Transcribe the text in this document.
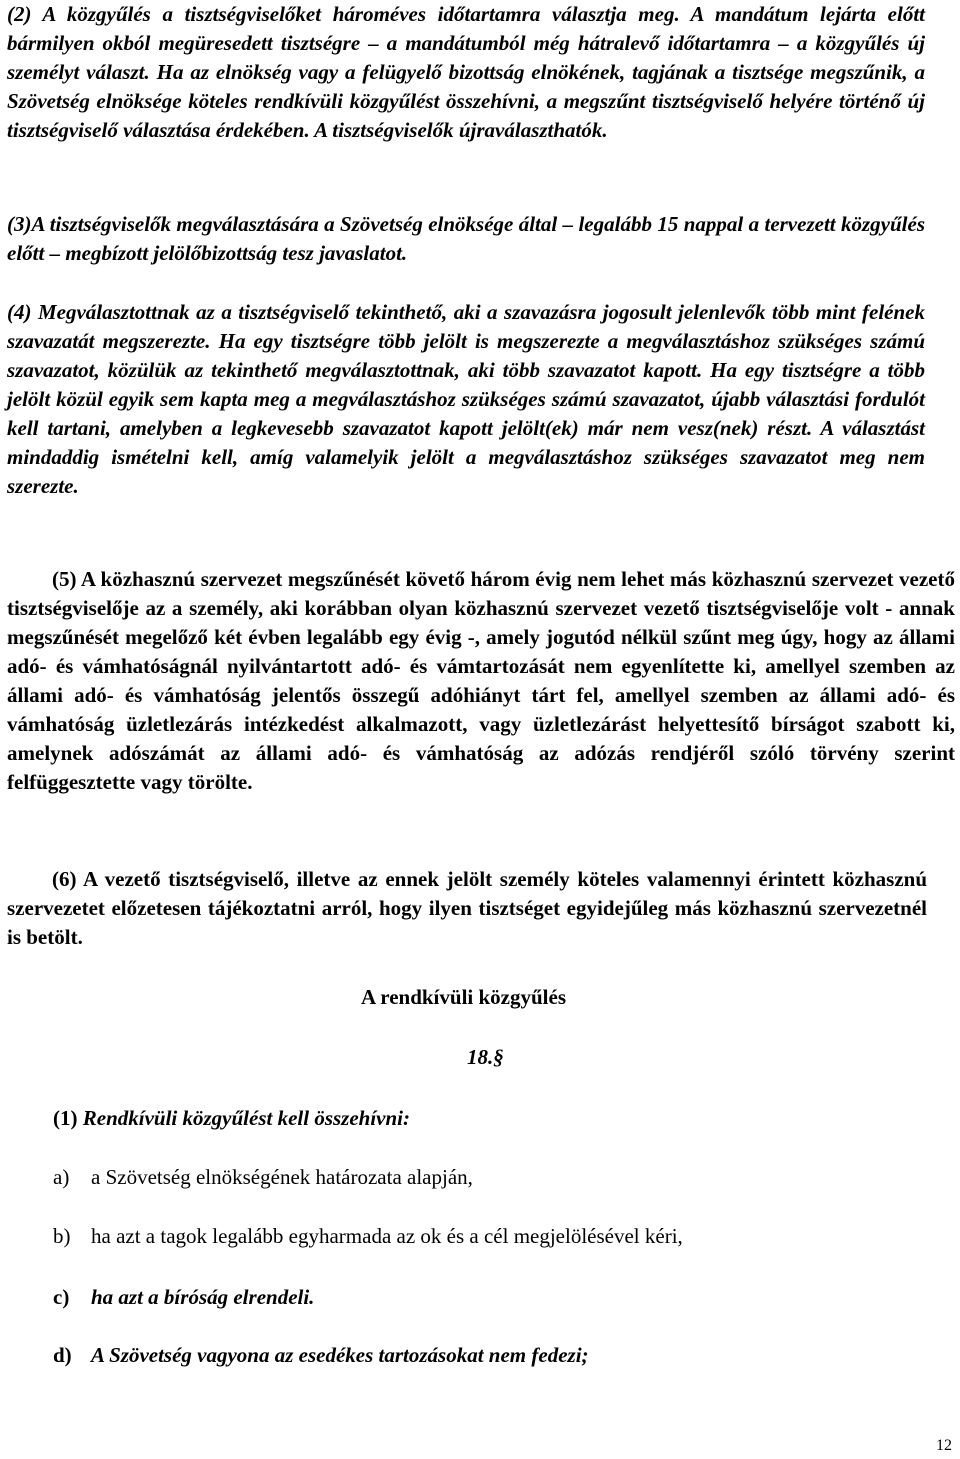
(2) A közgyűlés a tisztségviselőket hároméves időtartamra választja meg. A mandátum lejárta előtt bármilyen okból megüresedett tisztségre – a mandátumból még hátralevő időtartamra – a közgyűlés új személyt választ. Ha az elnökség vagy a felügyelő bizottság elnökének, tagjának a tisztsége megszűnik, a Szövetség elnöksége köteles rendkívüli közgyűlést összehívni, a megszűnt tisztségviselő helyére történő új tisztségviselő választása érdekében. A tisztségviselők újraválaszthatók.

(3)A tisztségviselők megválasztására a Szövetség elnöksége által – legalább 15 nappal a tervezett közgyűlés előtt – megbízott jelölőbizottság tesz javaslatot.

(4) Megválasztottnak az a tisztségviselő tekinthető, aki a szavazásra jogosult jelenlevők több mint felének szavazatát megszerezte. Ha egy tisztségre több jelölt is megszerezte a megválasztáshoz szükséges számú szavazatot, közülük az tekinthető megválasztottnak, aki több szavazatot kapott. Ha egy tisztségre a több jelölt közül egyik sem kapta meg a megválasztáshoz szükséges számú szavazatot, újabb választási fordulót kell tartani, amelyben a legkevesebb szavazatot kapott jelölt(ek) már nem vesz(nek) részt. A választást mindaddig ismételni kell, amíg valamelyik jelölt a megválasztáshoz szükséges szavazatot meg nem szerezte.

(5) A közhasznú szervezet megszűnését követő három évig nem lehet más közhasznú szervezet vezető tisztségviselője az a személy, aki korábban olyan közhasznú szervezet vezető tisztségviselője volt - annak megszűnését megelőző két évben legalább egy évig -, amely jogutód nélkül szűnt meg úgy, hogy az állami adó- és vámhatóságnál nyilvántartott adó- és vámtartozását nem egyenlítette ki, amellyel szemben az állami adó- és vámhatóság jelentős összegű adóhiányt tárt fel, amellyel szemben az állami adó- és vámhatóság üzletlezárás intézkedést alkalmazott, vagy üzletlezárást helyettesítő bírságot szabott ki, amelynek adószámát az állami adó- és vámhatóság az adózás rendjéről szóló törvény szerint felfüggesztette vagy törölte.

(6) A vezető tisztségviselő, illetve az ennek jelölt személy köteles valamennyi érintett közhasznú szervezetet előzetesen tájékoztatni arról, hogy ilyen tisztséget egyidejűleg más közhasznú szervezetnél is betölt.

A rendkívüli közgyűlés
18.§
(1) Rendkívüli közgyűlést kell összehívni:
a) a Szövetség elnökségének határozata alapján,
b) ha azt a tagok legalább egyharmada az ok és a cél megjelölésével kéri,
c) ha azt a bíróság elrendeli.
d) A Szövetség vagyona az esedékes tartozásokat nem fedezi;
12
